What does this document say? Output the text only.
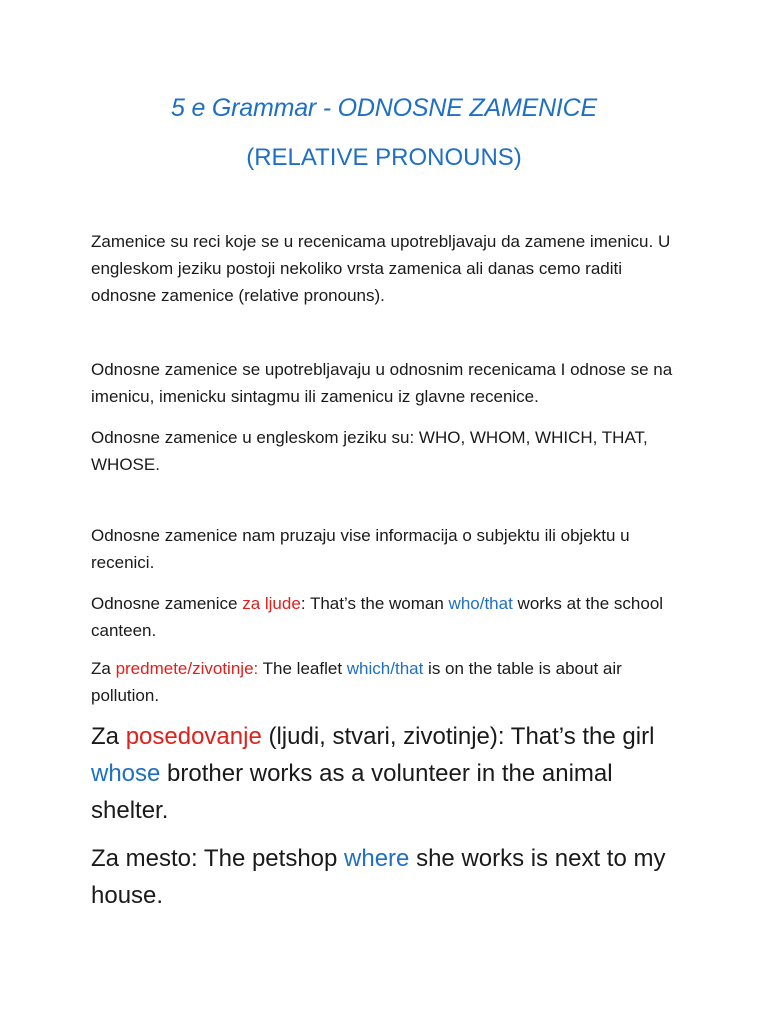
5 e Grammar - ODNOSNE ZAMENICE
(RELATIVE PRONOUNS)
Zamenice su reci koje se u recenicama upotrebljavaju da zamene imenicu. U engleskom jeziku postoji nekoliko vrsta zamenica ali danas cemo raditi odnosne zamenice (relative pronouns).
Odnosne zamenice se upotrebljavaju u odnosnim recenicama I odnose se na imenicu, imenicku sintagmu ili zamenicu iz glavne recenice.
Odnosne zamenice u engleskom jeziku su: WHO, WHOM, WHICH, THAT, WHOSE.
Odnosne zamenice nam pruzaju vise informacija o subjektu ili objektu u recenici.
Odnosne zamenice za ljude: That’s the woman who/that works at the school canteen.
Za predmete/zivotinje: The leaflet which/that is on the table is about air pollution.
Za posedovanje (ljudi, stvari, zivotinje): That’s the girl whose brother works as a volunteer in the animal shelter.
Za mesto: The petshop where she works is next to my house.
